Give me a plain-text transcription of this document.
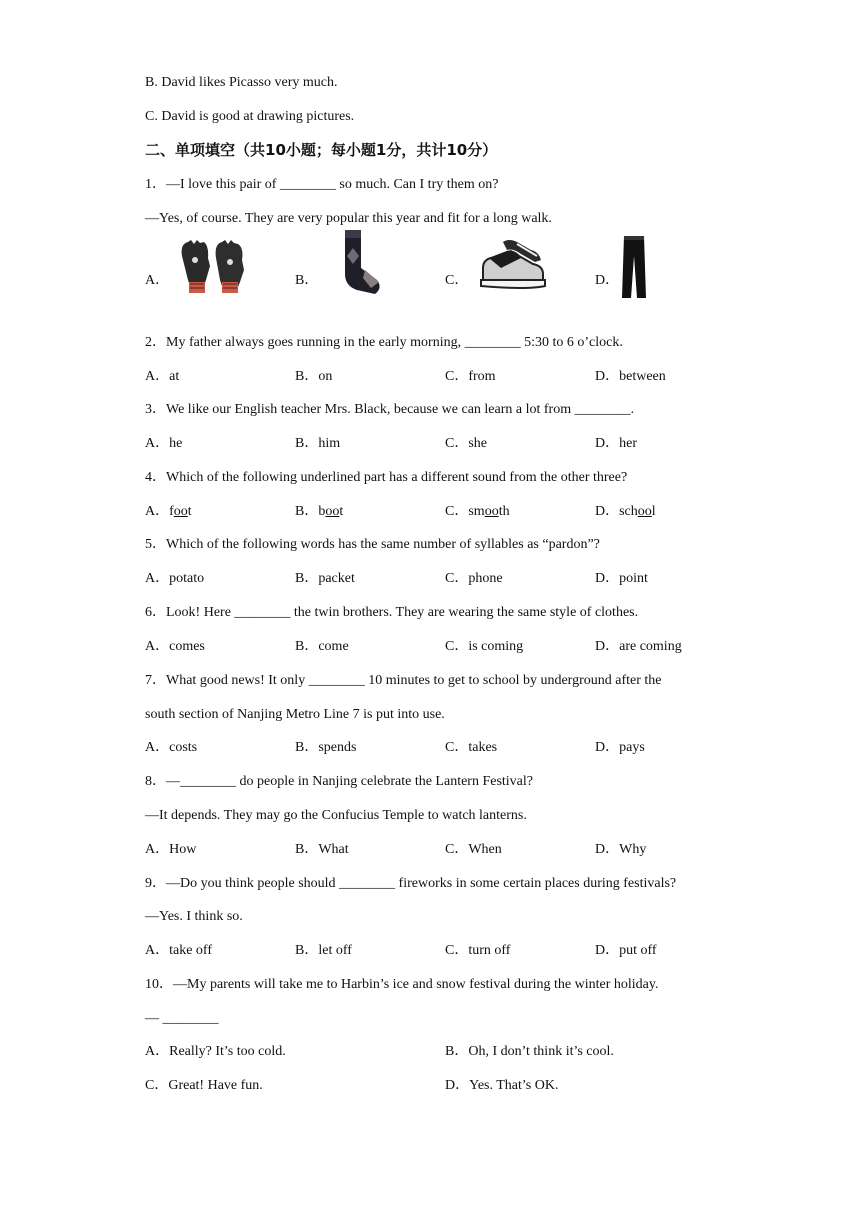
B. David likes Picasso very much.
C. David is good at drawing pictures.
二、单项填空（共10小题；每小题1分，共计10分）
1．—I love this pair of ________ so much. Can I try them on?
—Yes, of course. They are very popular this year and fit for a long walk.
A．	B．	C．	D．
2．My father always goes running in the early morning, ________ 5:30 to 6 o’clock.
A．at	B．on	C．from	D．between
3．We like our English teacher Mrs. Black, because we can learn a lot from ________.
A．he	B．him	C．she	D．her
4．Which of the following underlined part has a different sound from the other three?
A．foot	B．boot	C．smooth	D．school
5．Which of the following words has the same number of syllables as “pardon”?
A．potato	B．packet	C．phone	D．point
6．Look! Here ________ the twin brothers. They are wearing the same style of clothes.
A．comes	B．come	C．is coming	D．are coming
7．What good news! It only ________ 10 minutes to get to school by underground after the
south section of Nanjing Metro Line 7 is put into use.
A．costs	B．spends	C．takes	D．pays
8．—________ do people in Nanjing celebrate the Lantern Festival?
—It depends. They may go the Confucius Temple to watch lanterns.
A．How	B．What	C．When	D．Why
9．—Do you think people should ________ fireworks in some certain places during festivals?
—Yes. I think so.
A．take off	B．let off	C．turn off	D．put off
10．—My parents will take me to Harbin’s ice and snow festival during the winter holiday.
— ________
A．Really? It’s too cold.	B．Oh, I don’t think it’s cool.
C．Great! Have fun.	D．Yes. That’s OK.
